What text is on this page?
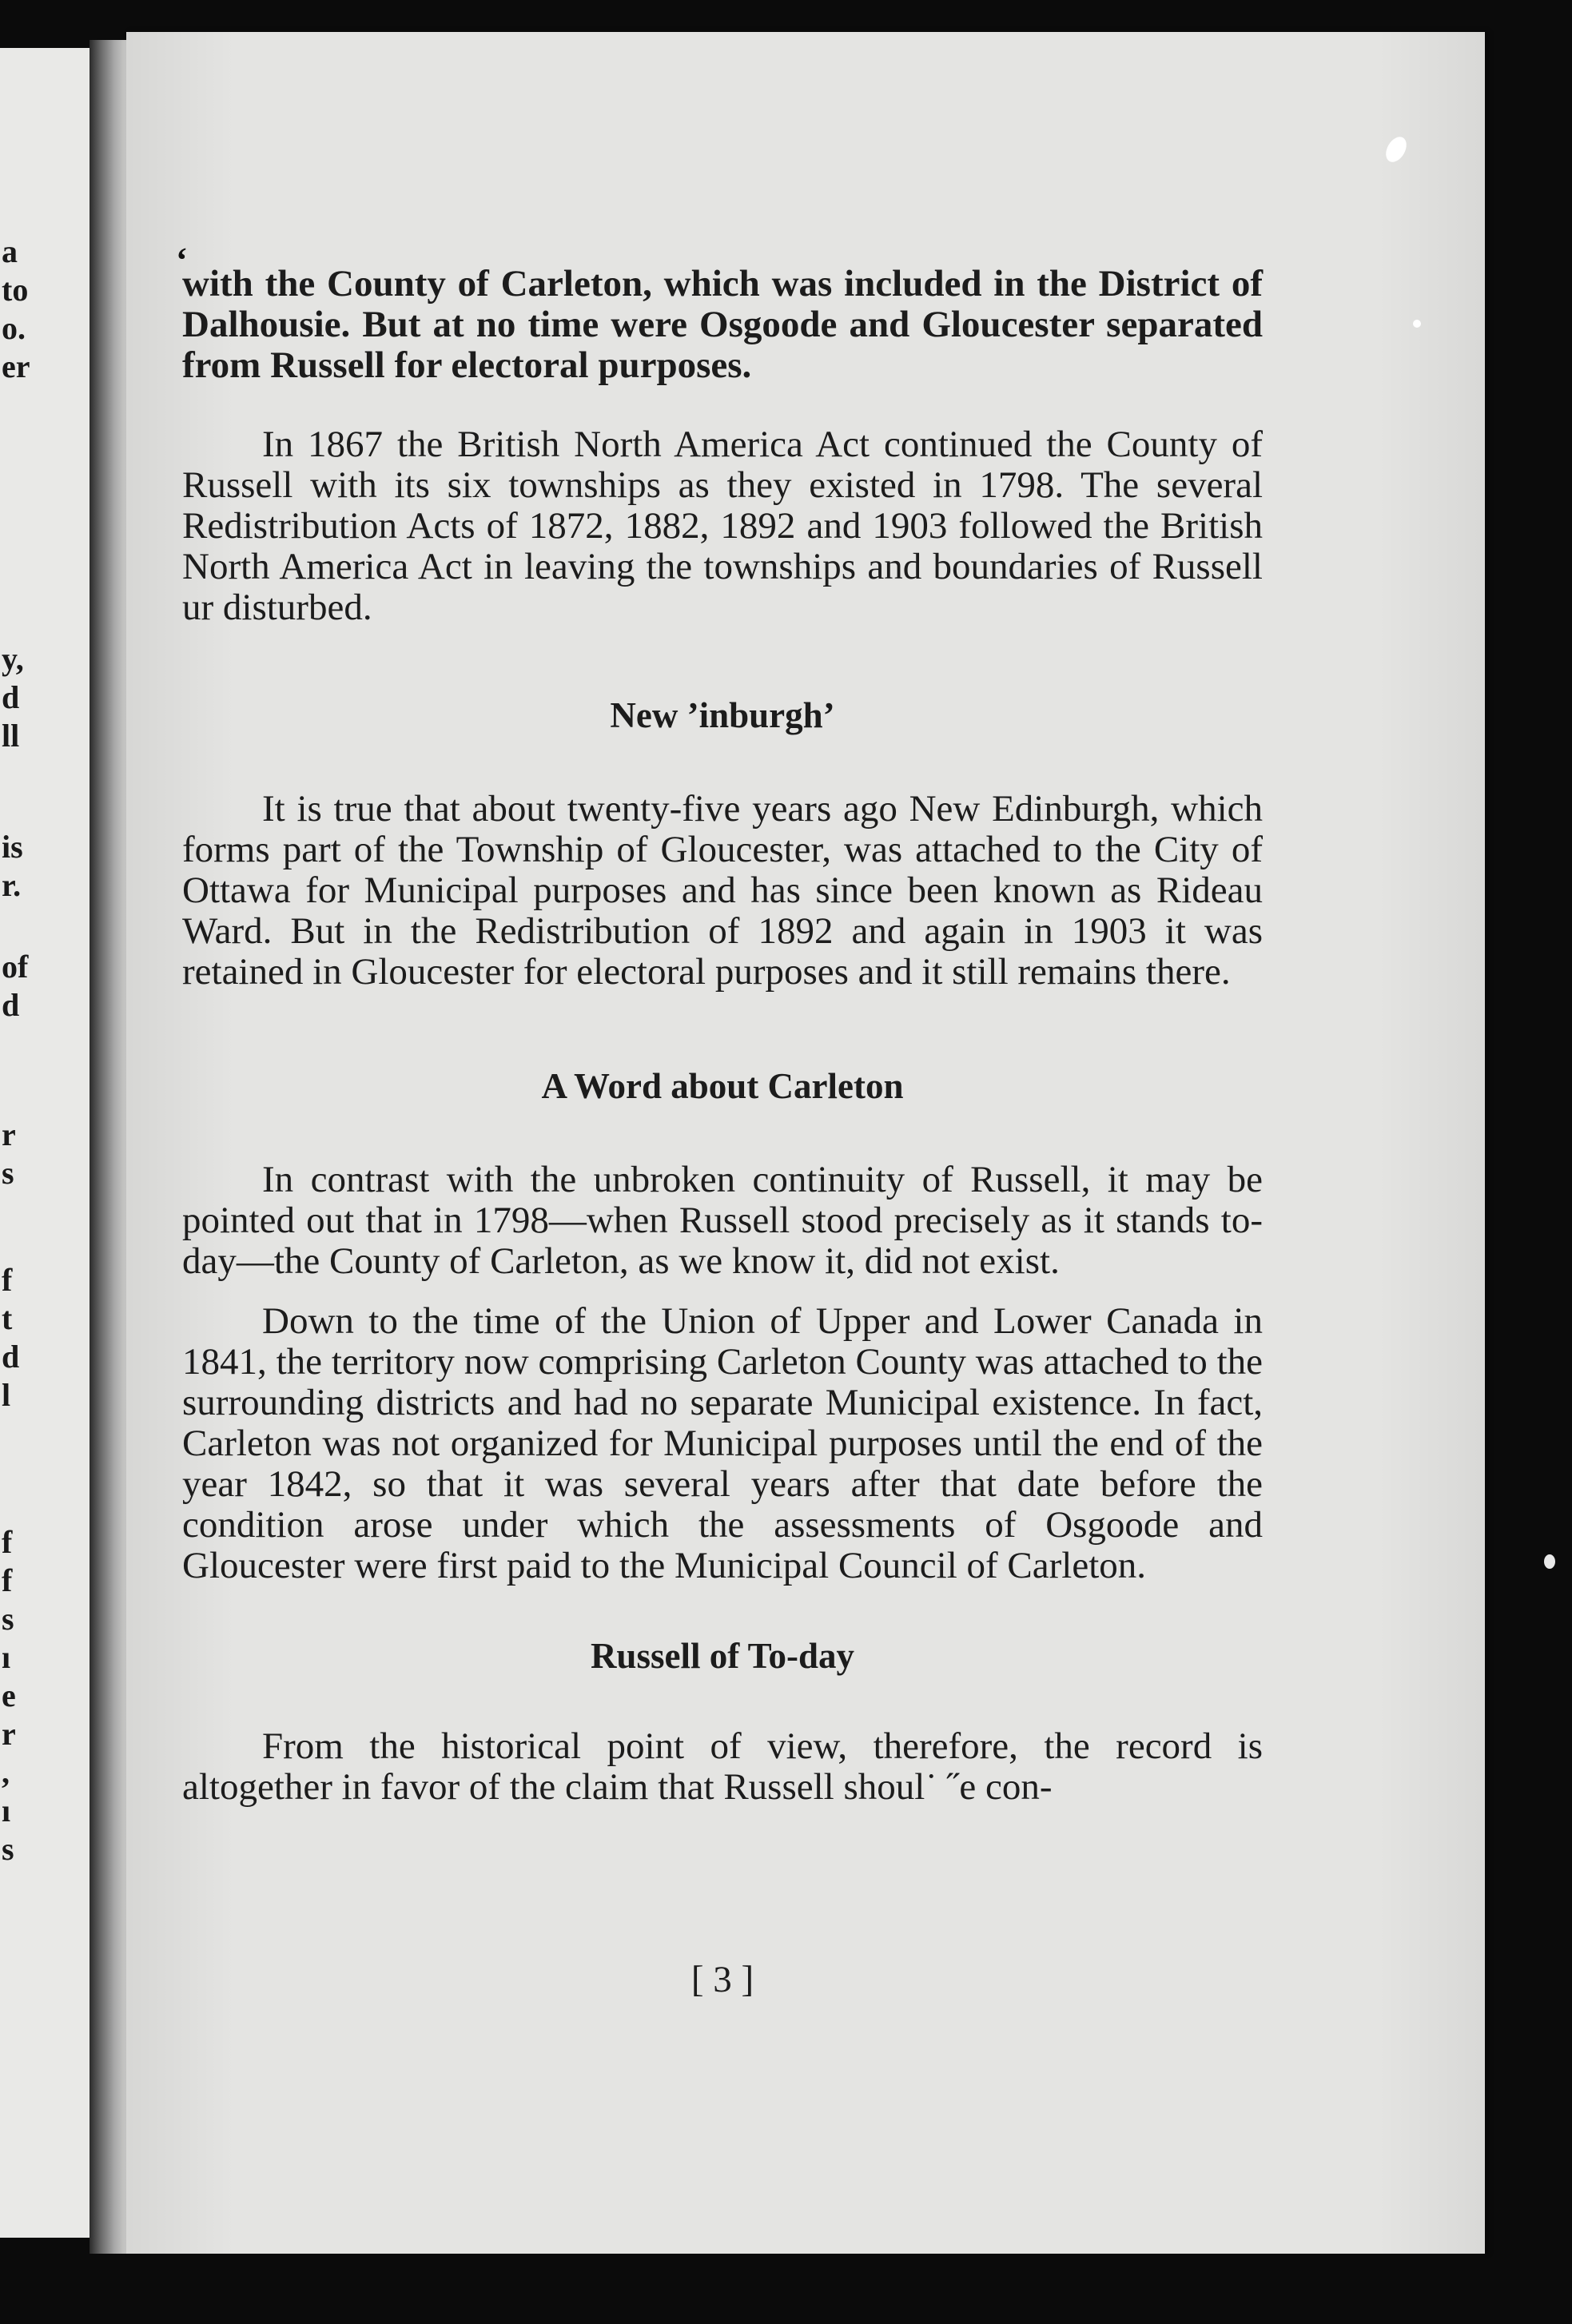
a
to
o.
er
y,
d
ll
is
r.
of
d
r
s
f
t
d
l
f
f
s
ı
e
r
,
ı
s
‘

with the County of Carleton, which was included in the District of Dalhousie. But at no time were Osgoode and Gloucester separated from Russell for electoral purposes.

In 1867 the British North America Act continued the County of Russell with its six townships as they existed in 1798. The several Redistribution Acts of 1872, 1882, 1892 and 1903 followed the British North America Act in leaving the townships and boundaries of Russell ur disturbed.

New ’inburgh’

It is true that about twenty-five years ago New Edinburgh, which forms part of the Township of Gloucester, was attached to the City of Ottawa for Municipal purposes and has since been known as Rideau Ward. But in the Redistribution of 1892 and again in 1903 it was retained in Gloucester for electoral purposes and it still remains there.

A Word about Carleton

In contrast with the unbroken continuity of Russell, it may be pointed out that in 1798—when Russell stood precisely as it stands to-day—the County of Carleton, as we know it, did not exist.

Down to the time of the Union of Upper and Lower Canada in 1841, the territory now comprising Carleton County was attached to the surrounding districts and had no separate Municipal existence. In fact, Carleton was not organized for Municipal purposes until the end of the year 1842, so that it was several years after that date before the condition arose under which the assessments of Osgoode and Gloucester were first paid to the Municipal Council of Carleton.

Russell of To-day

From the historical point of view, therefore, the record is altogether in favor of the claim that Russell shoul˙ ˝e con-

[ 3 ]
